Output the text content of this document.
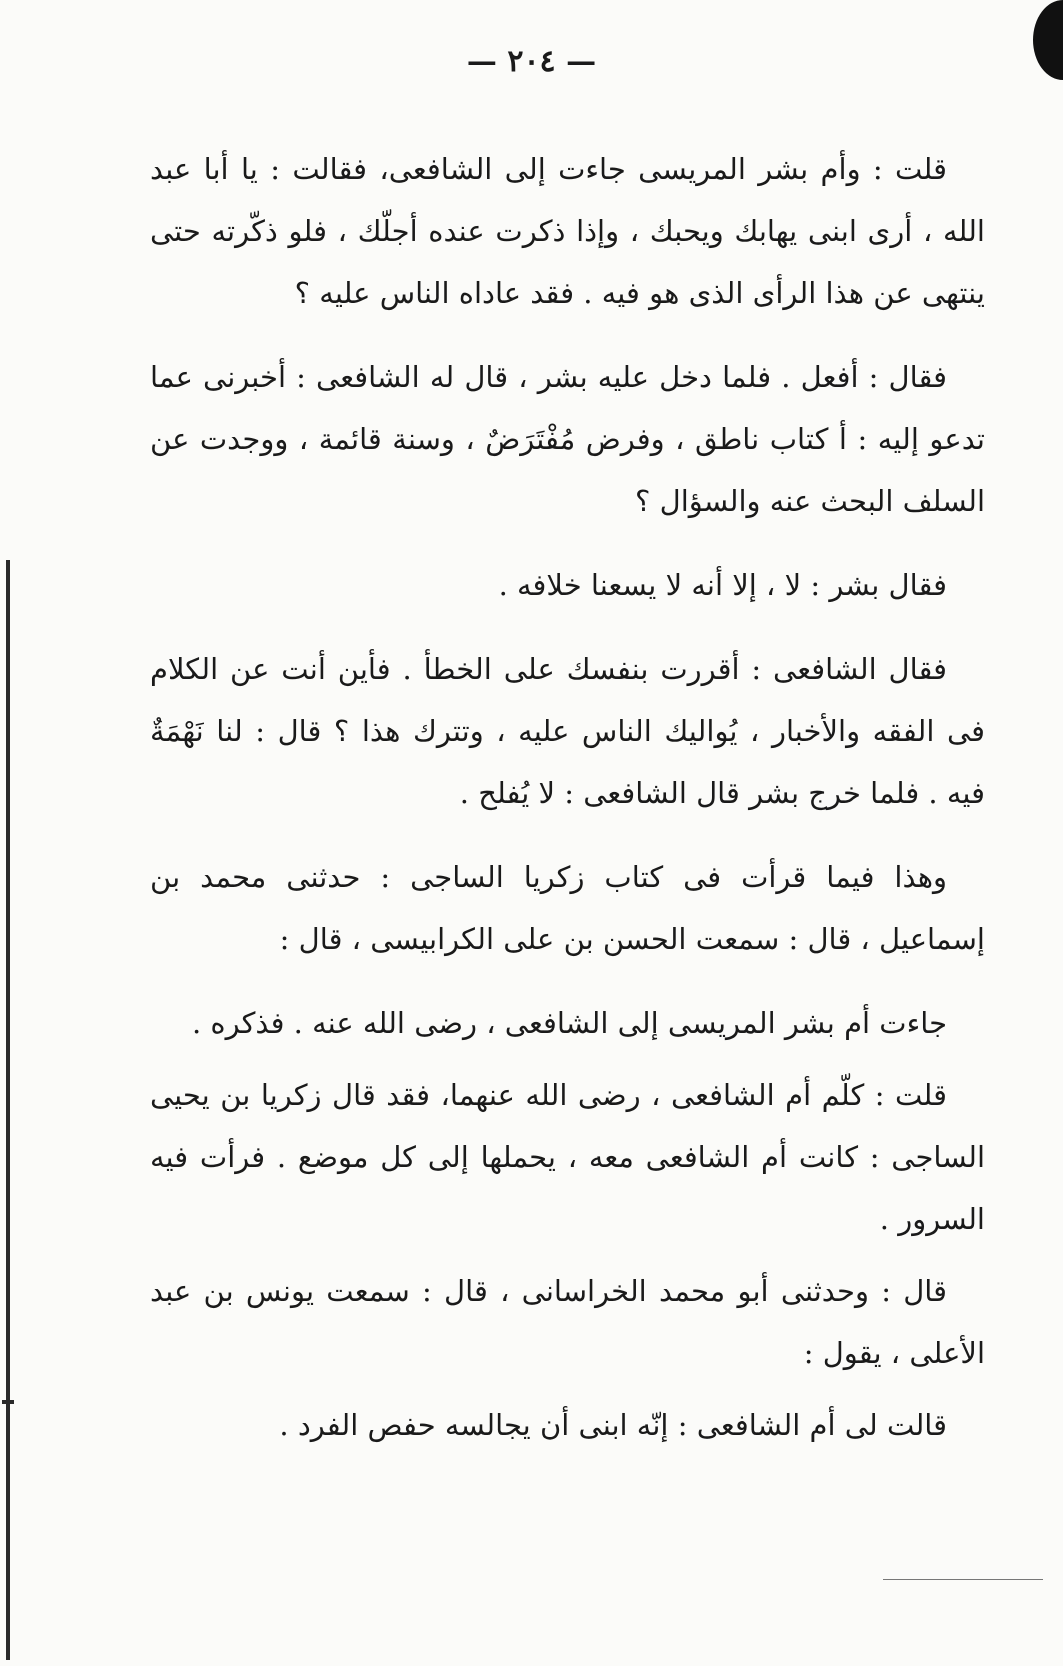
— ٢٠٤ —

قلت : وأم بشر المريسى جاءت إلى الشافعى، فقالت : يا أبا عبد الله ، أرى ابنى يهابك ويحبك ، وإذا ذكرت عنده أجلّك ، فلو ذكّرته حتى ينتهى عن هذا الرأى الذى هو فيه . فقد عاداه الناس عليه ؟

فقال : أفعل . فلما دخل عليه بشر ، قال له الشافعى : أخبرنى عما تدعو إليه : أ كتاب ناطق ، وفرض مُفْتَرَضٌ ، وسنة قائمة ، ووجدت عن السلف البحث عنه والسؤال ؟

فقال بشر : لا ، إلا أنه لا يسعنا خلافه .

فقال الشافعى : أقررت بنفسك على الخطأ . فأين أنت عن الكلام فى الفقه والأخبار ، يُواليك الناس عليه ، وتترك هذا ؟ قال : لنا نَهْمَةٌ فيه . فلما خرج بشر قال الشافعى : لا يُفلح .

وهذا فيما قرأت فى كتاب زكريا الساجى : حدثنى محمد بن إسماعيل ، قال : سمعت الحسن بن على الكرابيسى ، قال :

جاءت أم بشر المريسى إلى الشافعى ، رضى الله عنه . فذكره .

قلت : كلّم أم الشافعى ، رضى الله عنهما، فقد قال زكريا بن يحيى الساجى : كانت أم الشافعى معه ، يحملها إلى كل موضع . فرأت فيه السرور .

قال : وحدثنى أبو محمد الخراسانى ، قال : سمعت يونس بن عبد الأعلى ، يقول :

قالت لى أم الشافعى : إنّه ابنى أن يجالسه حفص الفرد .
